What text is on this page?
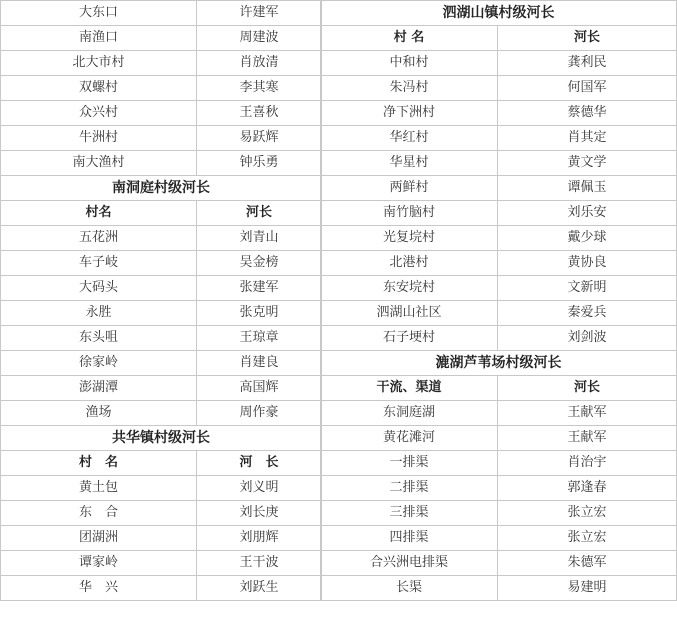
大东口	许建军
南渔口	周建波
北大市村	肖放清
双螺村	李其寒
众兴村	王喜秋
牛洲村	易跃辉
南大渔村	钟乐勇
南洞庭村级河长	
村名	河长
五花洲	刘青山
车子岐	吴金榜
大码头	张建军
永胜	张克明
东头咀	王琼章
徐家岭	肖建良
澎湖潭	高国辉
渔场	周作豪
共华镇村级河长	
村　名	河　长
黄土包	刘义明
东　合	刘长庚
团湖洲	刘朋辉
谭家岭	王干波
华　兴	刘跃生
泗湖山镇村级河长	
村 名	河长
中和村	龚利民
朱冯村	何国军
净下洲村	蔡德华
华红村	肖其定
华星村	黄文学
两鲜村	谭佩玉
南竹脑村	刘乐安
光复垸村	戴少球
北港村	黄协良
东安垸村	文新明
泗湖山社区	秦爱兵
石子埂村	刘剑波
漉湖芦苇场村级河长	
干流、渠道	河长
东洞庭湖	王献军
黄花滩河	王献军
一排渠	肖治宇
二排渠	郭逢春
三排渠	张立宏
四排渠	张立宏
合兴洲电排渠	朱德军
长渠	易建明
